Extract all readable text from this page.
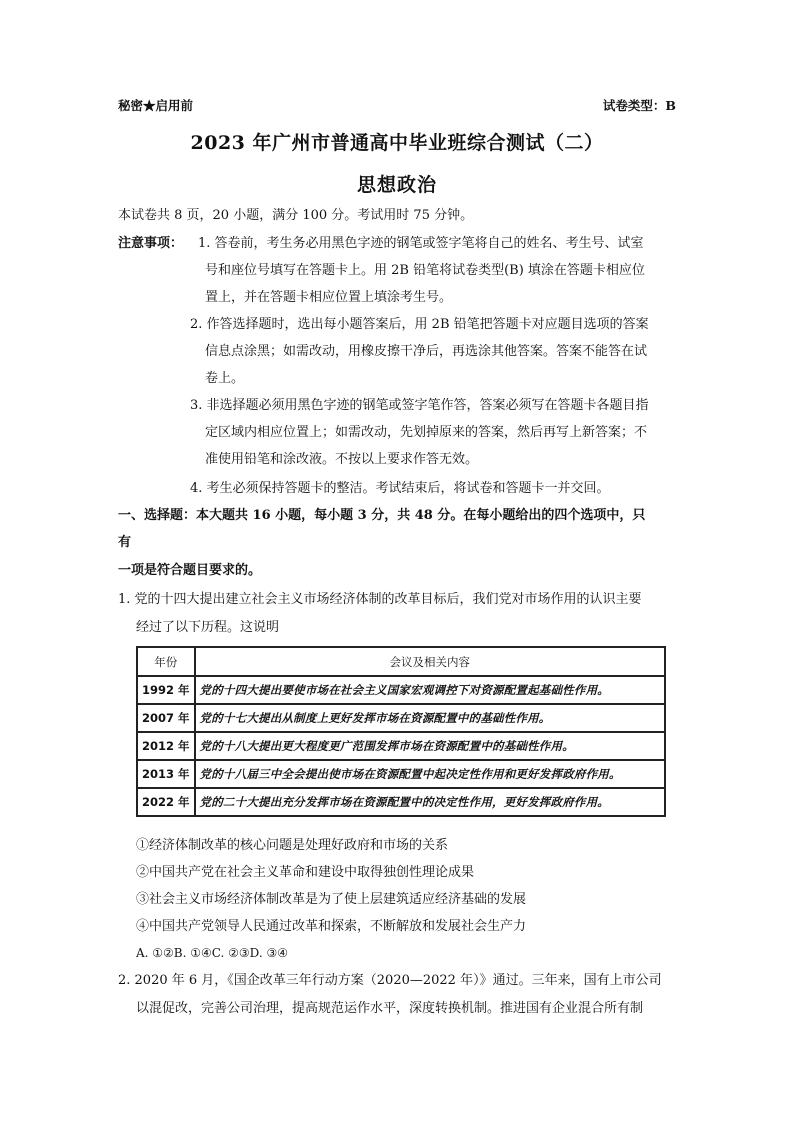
秘密★启用前	试卷类型：B
2023 年广州市普通高中毕业班综合测试（二）
思想政治
本试卷共 8 页，20 小题，满分 100 分。考试用时 75 分钟。
注意事项： 1. 答卷前，考生务必用黑色字迹的钢笔或签字笔将自己的姓名、考生号、试室
号和座位号填写在答题卡上。用 2B 铅笔将试卷类型(B) 填涂在答题卡相应位
置上，并在答题卡相应位置上填涂考生号。
2. 作答选择题时，选出每小题答案后，用 2B 铅笔把答题卡对应题目选项的答案
信息点涂黑；如需改动，用橡皮擦干净后，再选涂其他答案。答案不能答在试
卷上。
3. 非选择题必须用黑色字迹的钢笔或签字笔作答，答案必须写在答题卡各题目指
定区域内相应位置上；如需改动，先划掉原来的答案，然后再写上新答案；不
准使用铅笔和涂改液。不按以上要求作答无效。
4. 考生必须保持答题卡的整洁。考试结束后，将试卷和答题卡一并交回。
一、选择题：本大题共 16 小题，每小题 3 分，共 48 分。在每小题给出的四个选项中，只
有
一项是符合题目要求的。
1. 党的十四大提出建立社会主义市场经济体制的改革目标后，我们党对市场作用的认识主要
经过了以下历程。这说明
年份	会议及相关内容
1992 年	党的十四大提出要使市场在社会主义国家宏观调控下对资源配置起基础性作用。
2007 年	党的十七大提出从制度上更好发挥市场在资源配置中的基础性作用。
2012 年	党的十八大提出更大程度更广范围发挥市场在资源配置中的基础性作用。
2013 年	党的十八届三中全会提出使市场在资源配置中起决定性作用和更好发挥政府作用。
2022 年	党的二十大提出充分发挥市场在资源配置中的决定性作用，更好发挥政府作用。
①经济体制改革的核心问题是处理好政府和市场的关系
②中国共产党在社会主义革命和建设中取得独创性理论成果
③社会主义市场经济体制改革是为了使上层建筑适应经济基础的发展
④中国共产党领导人民通过改革和探索，不断解放和发展社会生产力
A. ①②B. ①④C. ②③D. ③④
2. 2020 年 6 月，《国企改革三年行动方案（2020—2022 年）》通过。三年来，国有上市公司
以混促改，完善公司治理，提高规范运作水平，深度转换机制。推进国有企业混合所有制
